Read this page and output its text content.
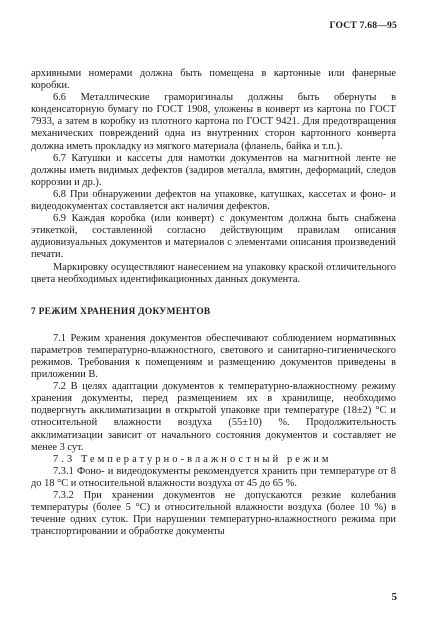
ГОСТ 7.68—95

архивными номерами должна быть помещена в картонные или фанерные коробки.

6.6 Металлические граморигиналы должны быть обернуты в конденсаторную бумагу по ГОСТ 1908, уложены в конверт из картона по ГОСТ 7933, а затем в коробку из плотного картона по ГОСТ 9421. Для предотвращения механических повреждений одна из внутренних сторон картонного конверта должна иметь прокладку из мягкого материала (фланель, байка и т.п.).

6.7 Катушки и кассеты для намотки документов на магнитной ленте не должны иметь видимых дефектов (задиров металла, вмятин, деформаций, следов коррозии и др.).

6.8 При обнаружении дефектов на упаковке, катушках, кассетах и фоно- и видеодокументах составляется акт наличия дефектов.

6.9 Каждая коробка (или конверт) с документом должна быть снабжена этикеткой, составленной согласно действующим правилам описания аудиовизуальных документов и материалов с элементами описания произведений печати.

Маркировку осуществляют нанесением на упаковку краской отличительного цвета необходимых идентификационных данных документа.

7 РЕЖИМ ХРАНЕНИЯ ДОКУМЕНТОВ

7.1 Режим хранения документов обеспечивают соблюдением нормативных параметров температурно-влажностного, светового и санитарно-гигиенического режимов. Требования к помещениям и размещению документов приведены в приложении В.

7.2 В целях адаптации документов к температурно-влажностному режиму хранения документы, перед размещением их в хранилище, необходимо подвергнуть акклиматизации в открытой упаковке при температуре (18±2) °С и относительной влажности воздуха (55±10) %. Продолжительность акклиматизации зависит от начального состояния документов и составляет не менее 3 сут.

7.3 Температурно-влажностный режим

7.3.1 Фоно- и видеодокументы рекомендуется хранить при температуре от 8 до 18 °С и относительной влажности воздуха от 45 до 65 %.

7.3.2 При хранении документов не допускаются резкие колебания температуры (более 5 °С) и относительной влажности воздуха (более 10 %) в течение одних суток. При нарушении температурно-влажностного режима при транспортировании и обработке документы

5
